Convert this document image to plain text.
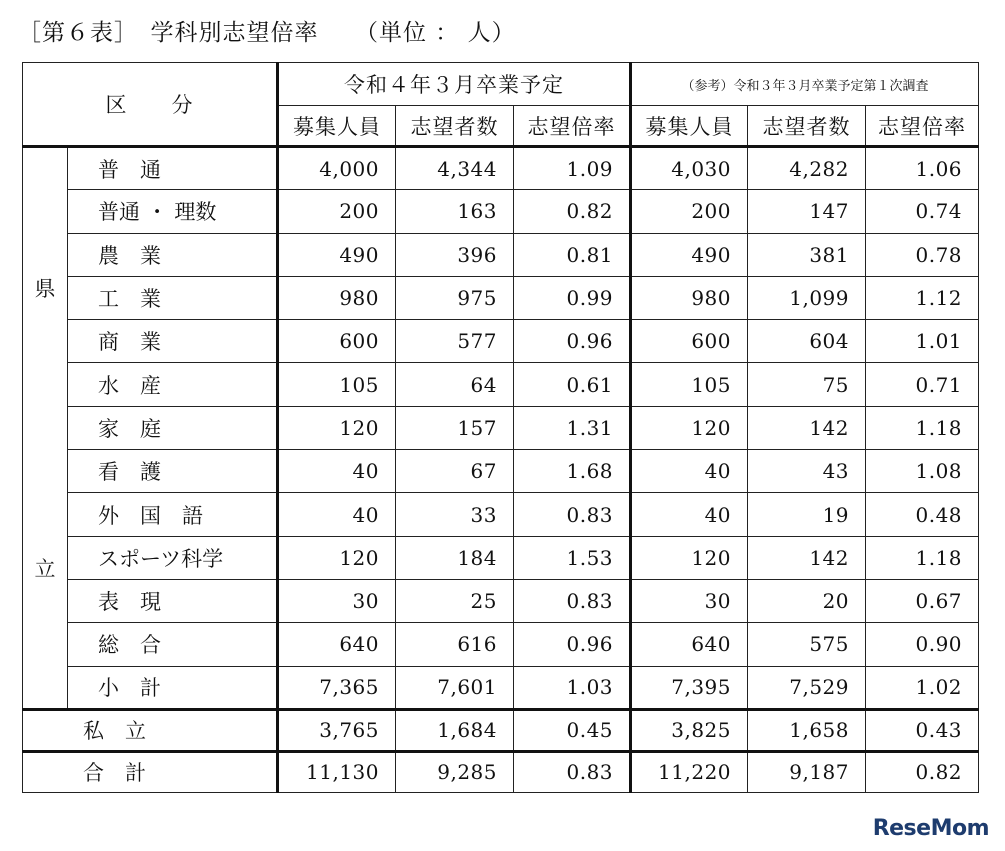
［第６表］　学科別志望倍率　　（単位 ： 人）
区　　分		令和４年３月卒業予定			（参考）令和３年３月卒業予定第１次調査		
		募集人員	志望者数	志望倍率	募集人員	志望者数	志望倍率

県
立	普　通	4,000	4,344	1.09	4,030	4,282	1.06
	普通 ・ 理数	200	163	0.82	200	147	0.74
	農　業	490	396	0.81	490	381	0.78
	工　業	980	975	0.99	980	1,099	1.12
	商　業	600	577	0.96	600	604	1.01
	水　産	105	64	0.61	105	75	0.71
	家　庭	120	157	1.31	120	142	1.18
	看　護	40	67	1.68	40	43	1.08
	外　国　語	40	33	0.83	40	19	0.48
	スポーツ科学	120	184	1.53	120	142	1.18
	表　現	30	25	0.83	30	20	0.67
	総　合	640	616	0.96	640	575	0.90
	小　計	7,365	7,601	1.03	7,395	7,529	1.02
私　立		3,765	1,684	0.45	3,825	1,658	0.43
合　計		11,130	9,285	0.83	11,220	9,187	0.82
ReseMom
